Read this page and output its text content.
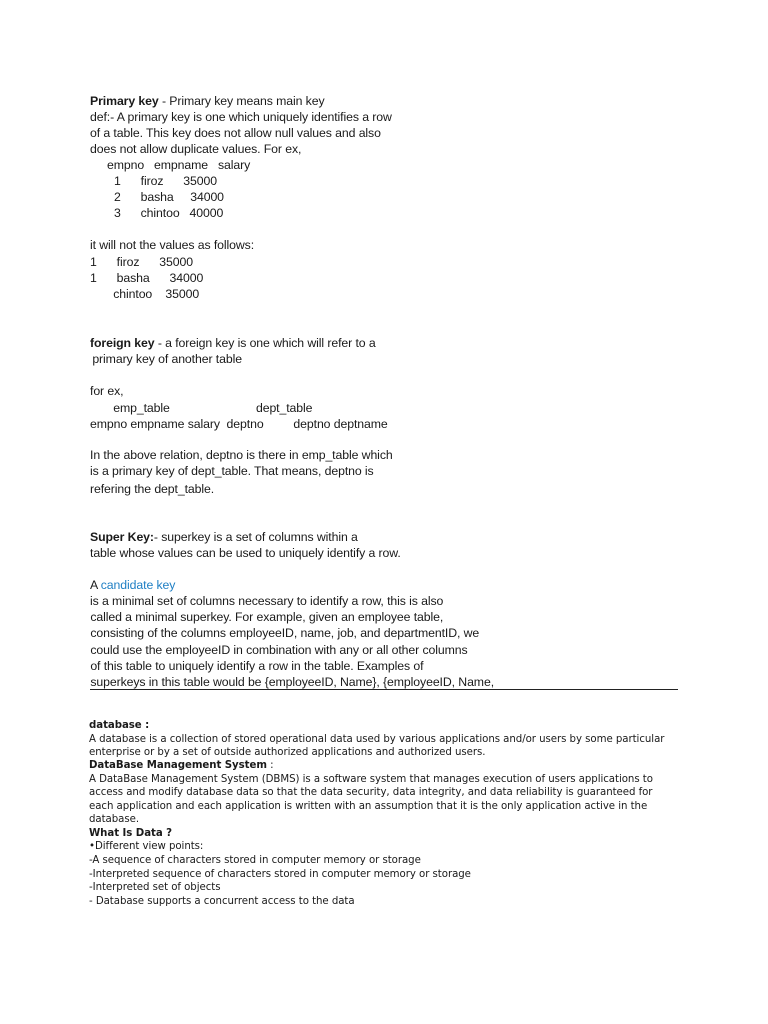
Primary key - Primary key means main key
def:- A primary key is one which uniquely identifies a row
of a table. This key does not allow null values and also
does not allow duplicate values. For ex,
empno   empname   salary
1      firoz      35000
2      basha     34000
3      chintoo   40000
it will not the values as follows:
1      firoz      35000
1      basha      34000
chintoo    35000
foreign key - a foreign key is one which will refer to a
primary key of another table
for ex,
emp_table                          dept_table
empno empname salary  deptno         deptno deptname
In the above relation, deptno is there in emp_table which
is a primary key of dept_table. That means, deptno is
refering the dept_table.
Super Key:- superkey is a set of columns within a
table whose values can be used to uniquely identify a row.
A candidate key
is a minimal set of columns necessary to identify a row, this is also
called a minimal superkey. For example, given an employee table,
consisting of the columns employeeID, name, job, and departmentID, we
could use the employeeID in combination with any or all other columns
of this table to uniquely identify a row in the table. Examples of
superkeys in this table would be {employeeID, Name}, {employeeID, Name,
database :
A database is a collection of stored operational data used by various applications and/or users by some particular
enterprise or by a set of outside authorized applications and authorized users.
DataBase Management System :
A DataBase Management System (DBMS) is a software system that manages execution of users applications to
access and modify database data so that the data security, data integrity, and data reliability is guaranteed for
each application and each application is written with an assumption that it is the only application active in the
database.
What Is Data ?
•Different view points:
-A sequence of characters stored in computer memory or storage
-Interpreted sequence of characters stored in computer memory or storage
-Interpreted set of objects
- Database supports a concurrent access to the data
